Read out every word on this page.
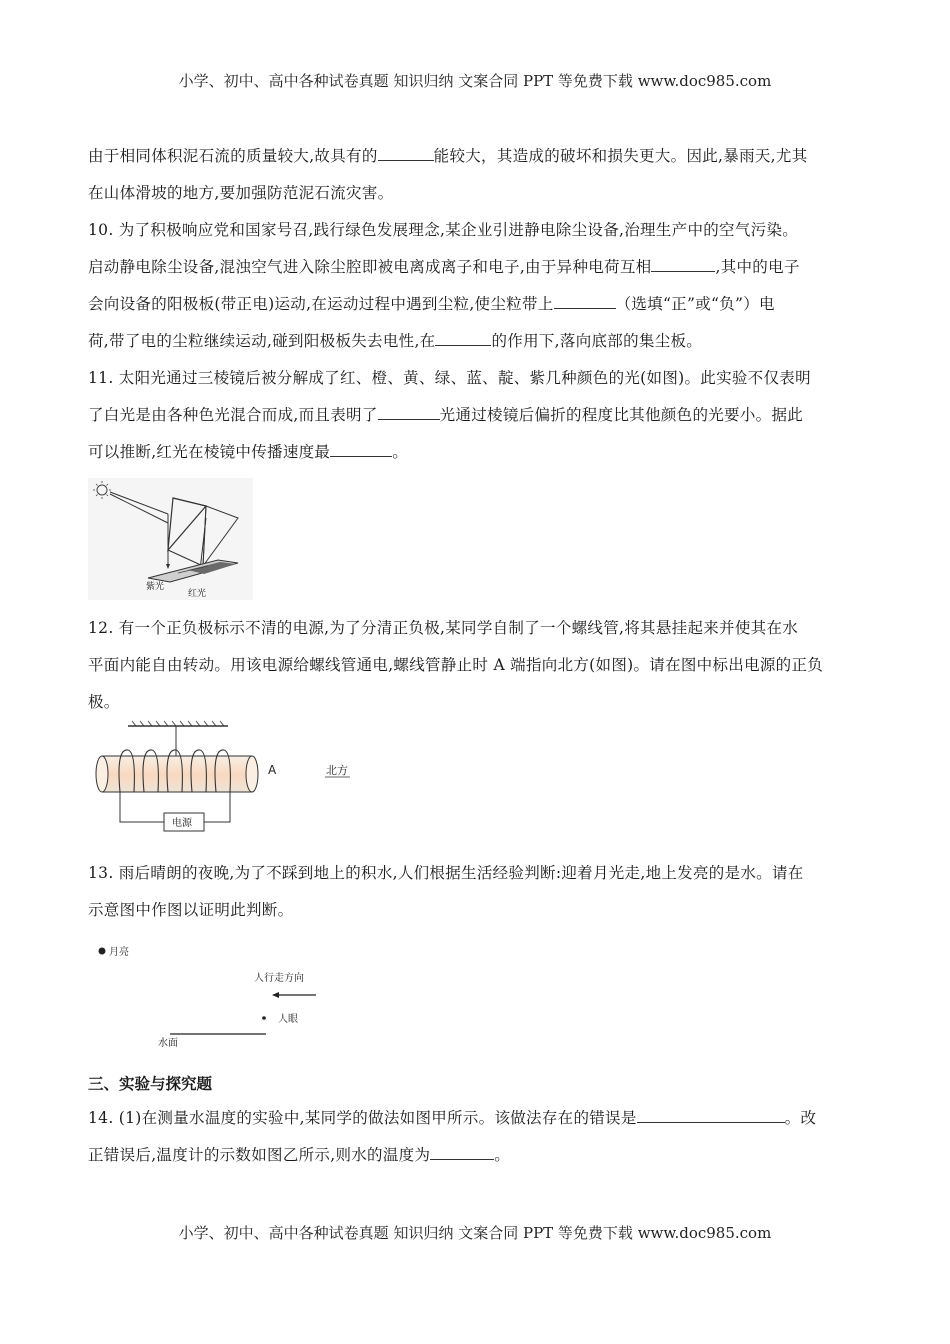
小学、初中、高中各种试卷真题 知识归纳 文案合同 PPT 等免费下载 www.doc985.com
由于相同体积泥石流的质量较大,故具有的	能较大，其造成的破坏和损失更大。因此,暴雨天,尤其
在山体滑坡的地方,要加强防范泥石流灾害。
10. 为了积极响应党和国家号召,践行绿色发展理念,某企业引进静电除尘设备,治理生产中的空气污染。
启动静电除尘设备,混浊空气进入除尘腔即被电离成离子和电子,由于异种电荷互相	,其中的电子
会向设备的阳极板(带正电)运动,在运动过程中遇到尘粒,使尘粒带上	（选填“正”或“负”）电
荷,带了电的尘粒继续运动,碰到阳极板失去电性,在	的作用下,落向底部的集尘板。
11. 太阳光通过三棱镜后被分解成了红、橙、黄、绿、蓝、靛、紫几种颜色的光(如图)。此实验不仅表明
了白光是由各种色光混合而成,而且表明了	光通过棱镜后偏折的程度比其他颜色的光要小。据此
可以推断,红光在棱镜中传播速度最	。
紫光
红光
12. 有一个正负极标示不清的电源,为了分清正负极,某同学自制了一个螺线管,将其悬挂起来并使其在水
平面内能自由转动。用该电源给螺线管通电,螺线管静止时 A 端指向北方(如图)。请在图中标出电源的正负
极。
电源
A	北方
13. 雨后晴朗的夜晚,为了不踩到地上的积水,人们根据生活经验判断:迎着月光走,地上发亮的是水。请在
示意图中作图以证明此判断。
月亮
人行走方向
人眼
水面
三、实验与探究题
14. (1)在测量水温度的实验中,某同学的做法如图甲所示。该做法存在的错误是	。改
正错误后,温度计的示数如图乙所示,则水的温度为	。
小学、初中、高中各种试卷真题 知识归纳 文案合同 PPT 等免费下载 www.doc985.com
